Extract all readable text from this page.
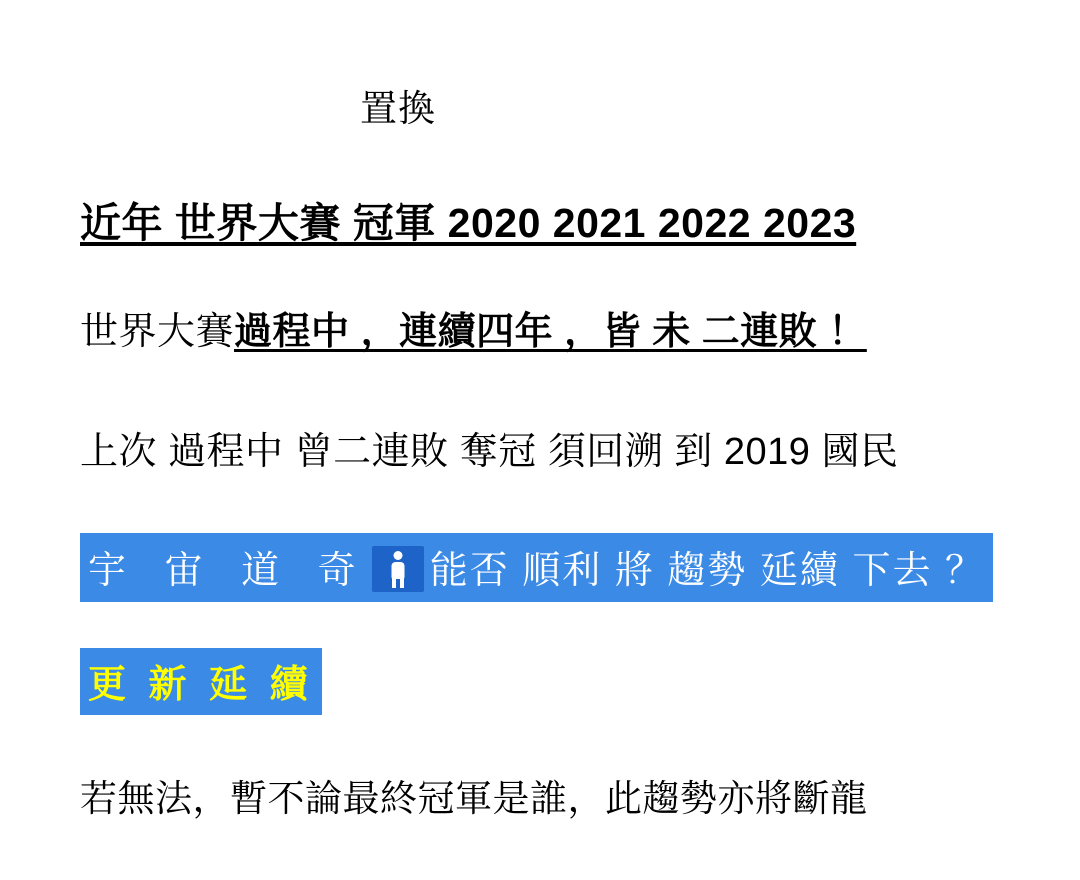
置換
近年 世界大賽 冠軍 2020 2021 2022 2023
世界大賽過程中 ，連續四年 ，皆 未 二連敗 ！
上次 過程中 曾二連敗 奪冠 須回溯 到 2019 國民
宇 宙 道 奇 能否 順利 將 趨勢 延續 下去 ？
更 新 延 續
若無法，暫不論最終冠軍是誰，此趨勢亦將斷龍
